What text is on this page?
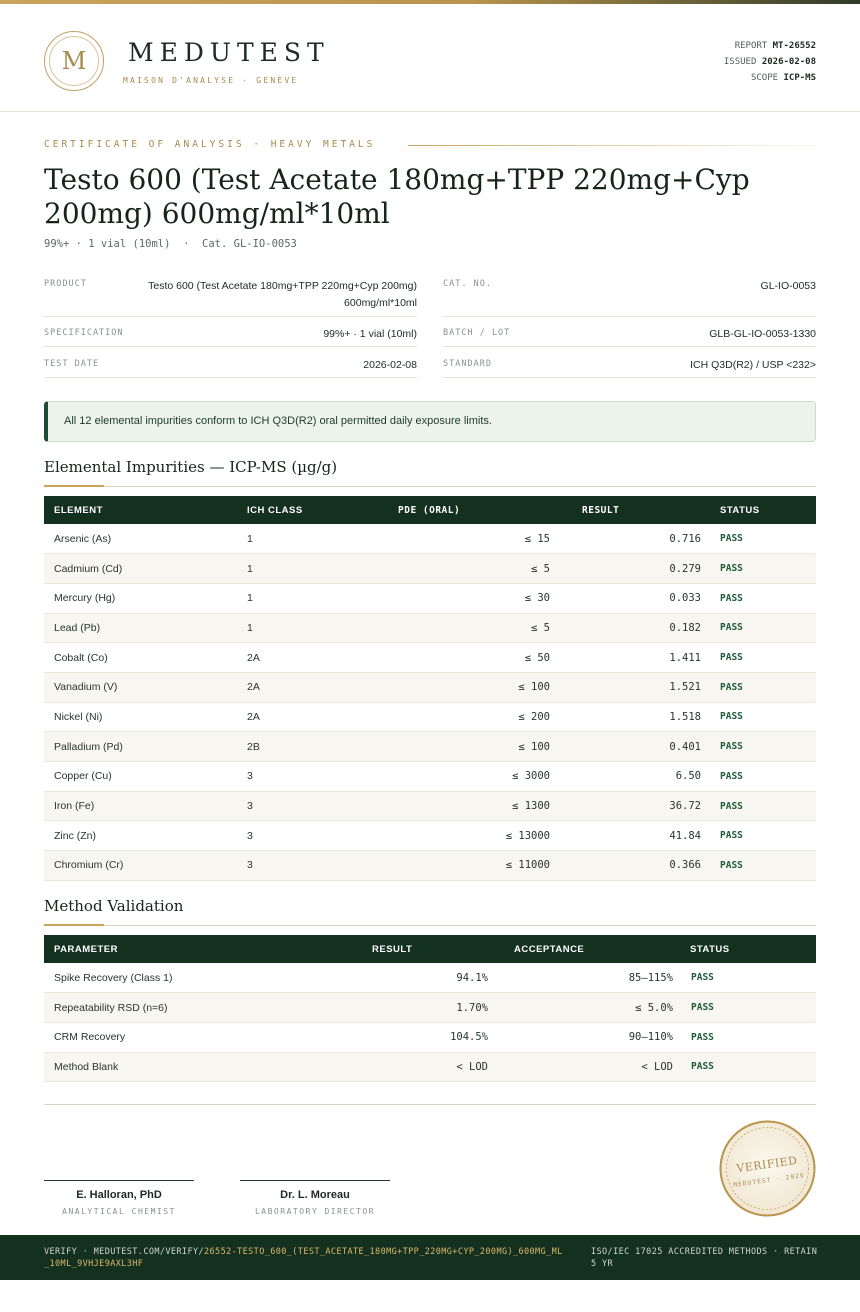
M	MEDUTEST
MAISON D'ANALYSE · GENÈVE
REPORT MT-26552
ISSUED 2026-02-08
SCOPE ICP-MS
CERTIFICATE OF ANALYSIS · HEAVY METALS
Testo 600 (Test Acetate 180mg+TPP 220mg+Cyp 200mg) 600mg/ml*10ml
99%+ · 1 vial (10ml)  ·  Cat. GL-IO-0053
PRODUCT	Testo 600 (Test Acetate 180mg+TPP 220mg+Cyp 200mg)
600mg/ml*10ml
SPECIFICATION	99%+ · 1 vial (10ml)
TEST DATE	2026-02-08
CAT. NO.	GL-IO-0053
BATCH / LOT	GLB-GL-IO-0053-1330
STANDARD	ICH Q3D(R2) / USP <232>
All 12 elemental impurities conform to ICH Q3D(R2) oral permitted daily exposure limits.
Elemental Impurities — ICP-MS (µg/g)
ELEMENT	ICH CLASS	PDE (ORAL)	RESULT	STATUS
Arsenic (As)	1	≤ 15	0.716	PASS
Cadmium (Cd)	1	≤ 5	0.279	PASS
Mercury (Hg)	1	≤ 30	0.033	PASS
Lead (Pb)	1	≤ 5	0.182	PASS
Cobalt (Co)	2A	≤ 50	1.411	PASS
Vanadium (V)	2A	≤ 100	1.521	PASS
Nickel (Ni)	2A	≤ 200	1.518	PASS
Palladium (Pd)	2B	≤ 100	0.401	PASS
Copper (Cu)	3	≤ 3000	6.50	PASS
Iron (Fe)	3	≤ 1300	36.72	PASS
Zinc (Zn)	3	≤ 13000	41.84	PASS
Chromium (Cr)	3	≤ 11000	0.366	PASS
Method Validation
PARAMETER	RESULT	ACCEPTANCE	STATUS
Spike Recovery (Class 1)	94.1%	85–115%	PASS
Repeatability RSD (n=6)	1.70%	≤ 5.0%	PASS
CRM Recovery	104.5%	90–110%	PASS
Method Blank	< LOD	< LOD	PASS
E. Halloran, PhD
ANALYTICAL CHEMIST
Dr. L. Moreau
LABORATORY DIRECTOR
VERIFIED
MEDUTEST · 2026
VERIFY · MEDUTEST.COM/VERIFY/26552-TESTO_600_(TEST_ACETATE_180MG+TPP_220MG+CYP_200MG)_600MG_ML_10ML_9VHJE9AXL3HF
ISO/IEC 17025 ACCREDITED METHODS · RETAIN 5 YR
